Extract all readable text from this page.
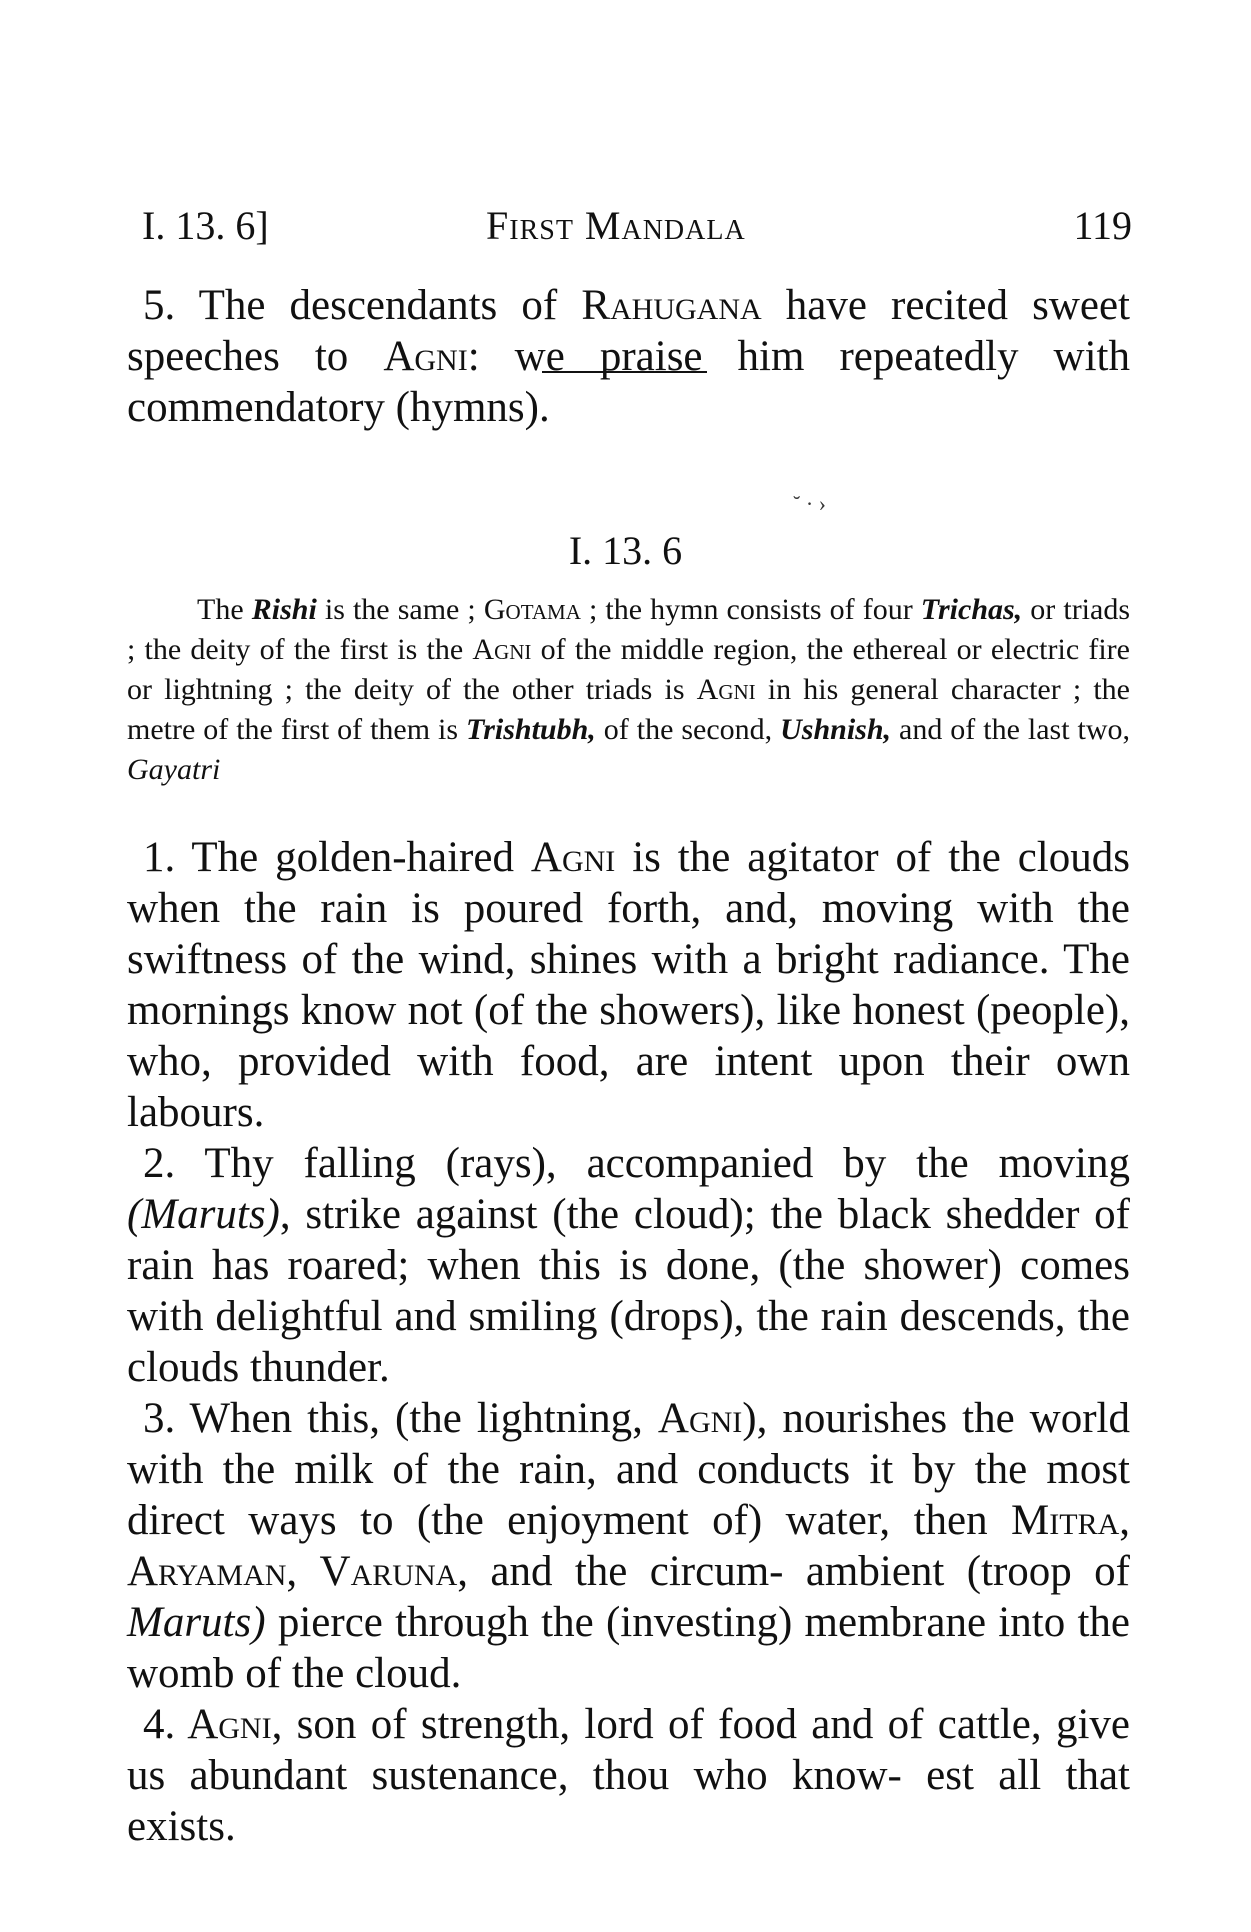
I. 13. 6]	First Mandala	119
5. The descendants of Rahugana have recited sweet speeches to Agni: we praise him repeatedly with commendatory (hymns).
˘ · ›
I. 13. 6
The Rishi is the same ; Gotama ; the hymn consists of four Trichas, or triads ; the deity of the first is the Agni of the middle region, the ethereal or electric fire or lightning ; the deity of the other triads is Agni in his general character ; the metre of the first of them is Trishtubh, of the second, Ushnish, and of the last two, Gayatri
1. The golden-haired Agni is the agitator of the clouds when the rain is poured forth, and, moving with the swiftness of the wind, shines with a bright radiance. The mornings know not (of the showers), like honest (people), who, provided with food, are intent upon their own labours.
2. Thy falling (rays), accompanied by the moving (Maruts), strike against (the cloud); the black shedder of rain has roared; when this is done, (the shower) comes with delightful and smiling (drops), the rain descends, the clouds thunder.
3. When this, (the lightning, Agni), nourishes the world with the milk of the rain, and conducts it by the most direct ways to (the enjoyment of) water, then Mitra, Aryaman, Varuna, and the circum- ambient (troop of Maruts) pierce through the (investing) membrane into the womb of the cloud.
4. Agni, son of strength, lord of food and of cattle, give us abundant sustenance, thou who know- est all that exists.
